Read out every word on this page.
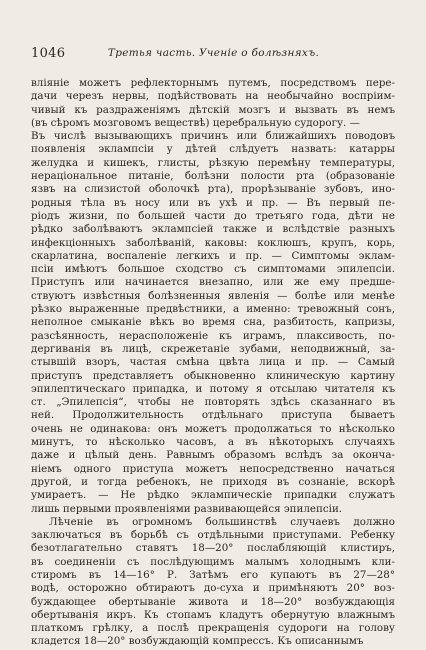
1046	Третья часть. Ученіе о болѣзняхъ.
вліяніе можетъ рефлекторнымъ путемъ, посредствомъ пере-
дачи черезъ нервы, подѣйствовать на необычайно воспріим-
чивый къ раздраженіямъ дѣтскій мозгъ и вызвать въ немъ
(въ сѣромъ мозговомъ веществѣ) церебральную судорогу. —
Въ числѣ вызывающихъ причинъ или ближайшихъ поводовъ
появленія эклампсіи у дѣтей слѣдуетъ назвать: катарры
желудка и кишекъ, глисты, рѣзкую перемѣну температуры,
нераціональное питаніе, болѣзни полости рта (образованіе
язвъ на слизистой оболочкѣ рта), прорѣзываніе зубовъ, ино-
родныя тѣла въ носу или въ ухѣ и пр. — Въ первый пе-
ріодъ жизни, по большей части до третьяго года, дѣти не
рѣдко заболѣваютъ эклампсіей также и вслѣдствіе разныхъ
инфекціонныхъ заболѣваній, каковы: коклюшъ, крупъ, корь,
скарлатина, воспаленіе легкихъ и пр. — Симптомы эклам-
псіи имѣютъ большое сходство съ симптомами эпилепсіи.
Приступъ или начинается внезапно, или же ему предше-
ствуютъ извѣстныя болѣзненныя явленія — болѣе или менѣе
рѣзко выраженные предвѣстники, а именно: тревожный сонъ,
неполное смыканіе вѣкъ во время сна, разбитость, капризы,
разсѣянность, нерасположеніе къ играмъ, плаксивость, по-
дергиванія въ лицѣ, скрежетаніе зубами, неподвижный, за-
стывшій взоръ, частая смѣна цвѣта лица и пр. — Самый
приступъ представляетъ обыкновенно клиническую картину
эпилептическаго припадка, и потому я отсылаю читателя къ
ст. „Эпилепсія“, чтобы не повторять здѣсь сказаннаго въ
ней. Продолжительность отдѣльнаго приступа бываетъ
очень не одинакова: онъ можетъ продолжаться то нѣсколько
минутъ, то нѣсколько часовъ, а въ нѣкоторыхъ случаяхъ
даже и цѣлый день. Равнымъ образомъ вслѣдъ за оконча-
ніемъ одного приступа можетъ непосредственно начаться
другой, и тогда ребенокъ, не приходя въ сознаніе, вскорѣ
умираетъ. — Не рѣдко эклампическіе припадки служатъ
лишь первыми проявленіями развивающейся эпилепсіи.
Лѣченіе въ огромномъ большинствѣ случаевъ должно
заключаться въ борьбѣ съ отдѣльными приступами. Ребенку
безотлагательно ставятъ 18—20° послабляющій клистиръ,
въ соединеніи съ послѣдующимъ малымъ холоднымъ кли-
стиромъ въ 14—16° Р. Затѣмъ его купаютъ въ 27—28°
водѣ, осторожно обтираютъ до-суха и примѣняютъ 20° воз-
буждающее обертываніе живота и 18—20° возбуждающія
обертыванія икръ. Къ стопамъ кладутъ обернутую влажнымъ
платкомъ грѣлку, а послѣ прекращенія судороги на голову
кладется 18—20° возбуждающій компрессъ. Къ описаннымъ
